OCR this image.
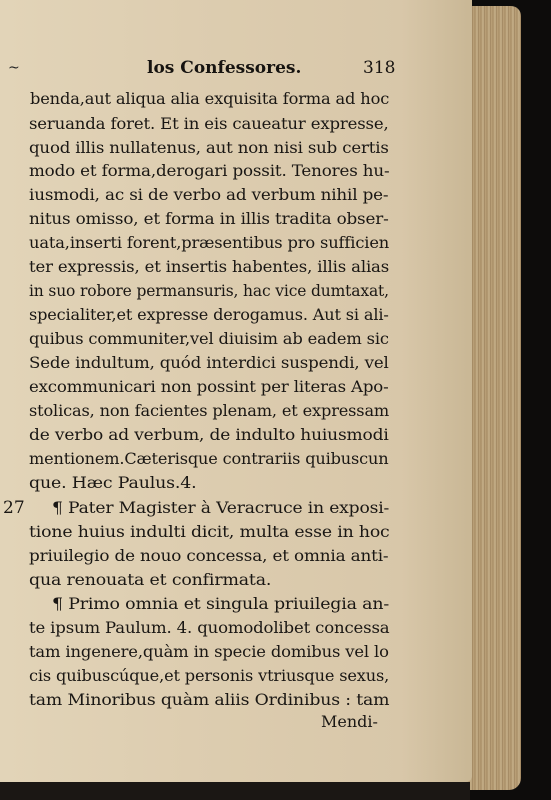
~	los Confessores.	318
benda,aut aliqua alia exquisita forma ad hoc
seruanda foret. Et in eis caueatur expresse,
quod illis nullatenus, aut non nisi sub certis
modo et forma,derogari possit. Tenores hu-
iusmodi, ac si de verbo ad verbum nihil pe-
nitus omisso, et forma in illis tradita obser-
uata,inserti forent,præsentibus pro sufficien
ter expressis, et insertis habentes, illis alias
in suo robore permansuris, hac vice dumtaxat,
specialiter,et expresse derogamus. Aut si ali-
quibus communiter,vel diuisim ab eadem sic
Sede indultum, quód interdici suspendi, vel
excommunicari non possint per literas Apo-
stolicas, non facientes plenam, et expressam
de verbo ad verbum, de indulto huiusmodi
mentionem.Cæterisque contrariis quibuscun
que. Hæc Paulus.4.
27 ¶ Pater Magister à Veracruce in exposi-
tione huius indulti dicit, multa esse in hoc
priuilegio de nouo concessa, et omnia anti-
qua renouata et confirmata.
¶ Primo omnia et singula priuilegia an-
te ipsum Paulum. 4. quomodolibet concessa
tam ingenere,quàm in specie domibus vel lo
cis quibuscúque,et personis vtriusque sexus,
tam Minoribus quàm aliis Ordinibus : tam
Mendi-
